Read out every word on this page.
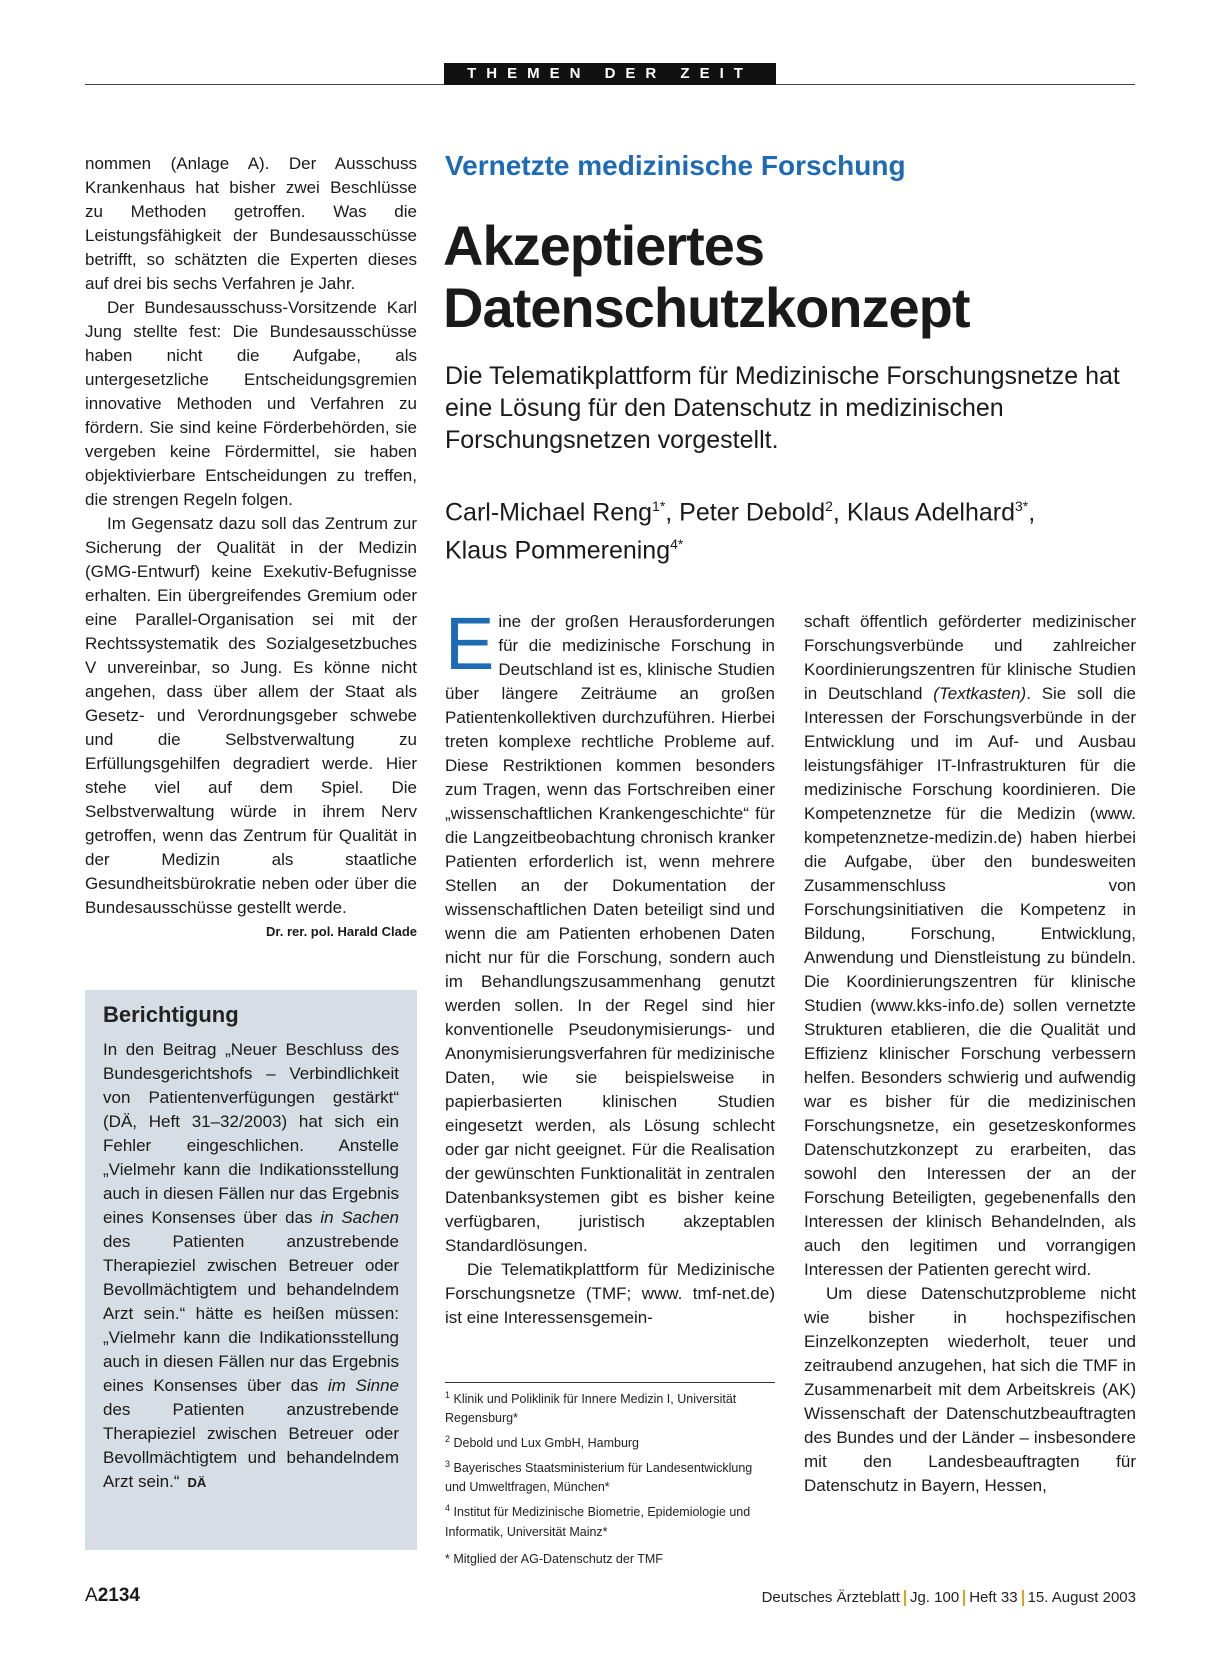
THEMEN DER ZEIT

nommen (Anlage A). Der Ausschuss Krankenhaus hat bisher zwei Beschlüsse zu Methoden getroffen. Was die Leistungsfähigkeit der Bundesausschüsse betrifft, so schätzten die Experten dieses auf drei bis sechs Verfahren je Jahr.

Der Bundesausschuss-Vorsitzende Karl Jung stellte fest: Die Bundesausschüsse haben nicht die Aufgabe, als untergesetzliche Entscheidungsgremien innovative Methoden und Verfahren zu fördern. Sie sind keine Förderbehörden, sie vergeben keine Fördermittel, sie haben objektivierbare Entscheidungen zu treffen, die strengen Regeln folgen.

Im Gegensatz dazu soll das Zentrum zur Sicherung der Qualität in der Medizin (GMG-Entwurf) keine Exekutiv-Befugnisse erhalten. Ein übergreifendes Gremium oder eine Parallel-Organisation sei mit der Rechtssystematik des Sozialgesetzbuches V unvereinbar, so Jung. Es könne nicht angehen, dass über allem der Staat als Gesetz- und Verordnungsgeber schwebe und die Selbstverwaltung zu Erfüllungsgehilfen degradiert werde. Hier stehe viel auf dem Spiel. Die Selbstverwaltung würde in ihrem Nerv getroffen, wenn das Zentrum für Qualität in der Medizin als staatliche Gesundheitsbürokratie neben oder über die Bundesausschüsse gestellt werde.
Dr. rer. pol. Harald Clade

Berichtigung

In den Beitrag „Neuer Beschluss des Bundesgerichtshofs – Verbindlichkeit von Patientenverfügungen gestärkt“ (DÄ, Heft 31–32/2003) hat sich ein Fehler eingeschlichen. Anstelle „Vielmehr kann die Indikationsstellung auch in diesen Fällen nur das Ergebnis eines Konsenses über das in Sachen des Patienten anzustrebende Therapieziel zwischen Betreuer oder Bevollmächtigtem und behandelndem Arzt sein.“ hätte es heißen müssen: „Vielmehr kann die Indikationsstellung auch in diesen Fällen nur das Ergebnis eines Konsenses über das im Sinne des Patienten anzustrebende Therapieziel zwischen Betreuer oder Bevollmächtigtem und behandelndem Arzt sein.“ DÄ

Vernetzte medizinische Forschung
Akzeptiertes Datenschutzkonzept
Die Telematikplattform für Medizinische Forschungsnetze hat eine Lösung für den Datenschutz in medizinischen Forschungsnetzen vorgestellt.
Carl-Michael Reng$^{1*}$, Peter Debold$^2$, Klaus Adelhard$^{3*}$,
Klaus Pommerening$^{4*}$

Eine der großen Herausforderungen für die medizinische Forschung in Deutschland ist es, klinische Studien über längere Zeiträume an großen Patientenkollektiven durchzuführen. Hierbei treten komplexe rechtliche Probleme auf. Diese Restriktionen kommen besonders zum Tragen, wenn das Fortschreiben einer „wissenschaftlichen Krankengeschichte“ für die Langzeitbeobachtung chronisch kranker Patienten erforderlich ist, wenn mehrere Stellen an der Dokumentation der wissenschaftlichen Daten beteiligt sind und wenn die am Patienten erhobenen Daten nicht nur für die Forschung, sondern auch im Behandlungszusammenhang genutzt werden sollen. In der Regel sind hier konventionelle Pseudonymisierungs- und Anonymisierungsverfahren für medizinische Daten, wie sie beispielsweise in papierbasierten klinischen Studien eingesetzt werden, als Lösung schlecht oder gar nicht geeignet. Für die Realisation der gewünschten Funktionalität in zentralen Datenbanksystemen gibt es bisher keine verfügbaren, juristisch akzeptablen Standardlösungen.

Die Telematikplattform für Medizinische Forschungsnetze (TMF; www. tmf-net.de) ist eine Interessensgemein-

$^1$ Klinik und Poliklinik für Innere Medizin I, Universität Regensburg*
$^2$ Debold und Lux GmbH, Hamburg
$^3$ Bayerisches Staatsministerium für Landesentwicklung und Umweltfragen, München*
$^4$ Institut für Medizinische Biometrie, Epidemiologie und Informatik, Universität Mainz*
* Mitglied der AG-Datenschutz der TMF

schaft öffentlich geförderter medizinischer Forschungsverbünde und zahlreicher Koordinierungszentren für klinische Studien in Deutschland (Textkasten). Sie soll die Interessen der Forschungsverbünde in der Entwicklung und im Auf- und Ausbau leistungsfähiger IT-Infrastrukturen für die medizinische Forschung koordinieren. Die Kompetenznetze für die Medizin (www. kompetenznetze-medizin.de) haben hierbei die Aufgabe, über den bundesweiten Zusammenschluss von Forschungsinitiativen die Kompetenz in Bildung, Forschung, Entwicklung, Anwendung und Dienstleistung zu bündeln. Die Koordinierungszentren für klinische Studien (www.kks-info.de) sollen vernetzte Strukturen etablieren, die die Qualität und Effizienz klinischer Forschung verbessern helfen. Besonders schwierig und aufwendig war es bisher für die medizinischen Forschungsnetze, ein gesetzeskonformes Datenschutzkonzept zu erarbeiten, das sowohl den Interessen der an der Forschung Beteiligten, gegebenenfalls den Interessen der klinisch Behandelnden, als auch den legitimen und vorrangigen Interessen der Patienten gerecht wird.

Um diese Datenschutzprobleme nicht wie bisher in hochspezifischen Einzelkonzepten wiederholt, teuer und zeitraubend anzugehen, hat sich die TMF in Zusammenarbeit mit dem Arbeitskreis (AK) Wissenschaft der Datenschutzbeauftragten des Bundes und der Länder – insbesondere mit den Landesbeauftragten für Datenschutz in Bayern, Hessen,

A2134	Deutsches Ärzteblatt Jg. 100 Heft 33 15. August 2003
